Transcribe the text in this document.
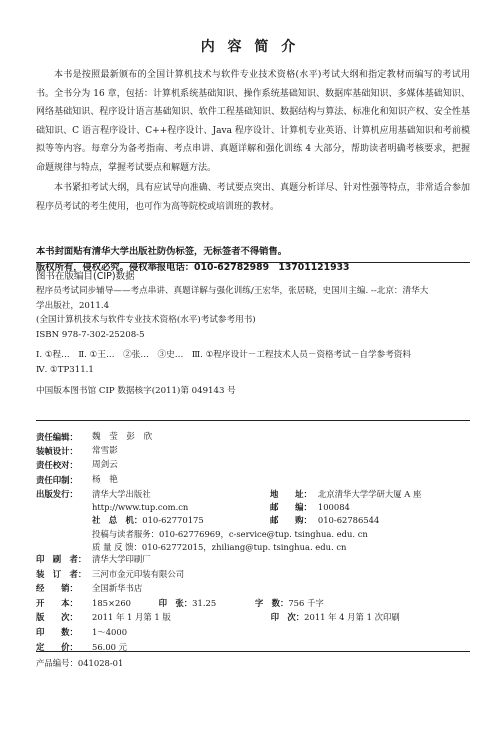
内 容 简 介

本书是按照最新颁布的全国计算机技术与软件专业技术资格(水平)考试大纲和指定教材而编写的考试用书。全书分为 16 章，包括：计算机系统基础知识、操作系统基础知识、数据库基础知识、多媒体基础知识、网络基础知识、程序设计语言基础知识、软件工程基础知识、数据结构与算法、标准化和知识产权、安全性基础知识、C 语言程序设计、C++程序设计、Java 程序设计、计算机专业英语、计算机应用基础知识和考前模拟等等内容。每章分为备考指南、考点串讲、真题详解和强化训练 4 大部分，帮助读者明确考核要求，把握命题规律与特点，掌握考试要点和解题方法。

本书紧扣考试大纲，具有应试导向准确、考试要点突出、真题分析详尽、针对性强等特点，非常适合参加程序员考试的考生使用，也可作为高等院校或培训班的教材。

本书封面贴有清华大学出版社防伪标签，无标签者不得销售。
版权所有，侵权必究。侵权举报电话：010-62782989　13701121933
图书在版编目(CIP)数据
程序员考试同步辅导——考点串讲、真题详解与强化训练/王宏华，张居晓，史国川主编. --北京：清华大
学出版社，2011.4
(全国计算机技术与软件专业技术资格(水平)考试参考用书)
ISBN 978-7-302-25208-5
Ⅰ. ①程…　Ⅱ. ①王…　②张…　③史…　Ⅲ. ①程序设计－工程技术人员－资格考试－自学参考资料
Ⅳ. ①TP311.1
中国版本图书馆 CIP 数据核字(2011)第 049143 号
责任编辑：	魏　莹　彭　欣
装帧设计：	常雪影
责任校对：	周剑云
责任印制：	杨　艳
出版发行：	清华大学出版社	地　　址： 北京清华大学学研大厦 A 座
http://www.tup.com.cn	邮　　编： 100084
社　总　机：010-62770175	邮　　购： 010-62786544
投稿与读者服务：010-62776969，c-service@tup. tsinghua. edu. cn
质 量 反 馈：010-62772015，zhiliang@tup. tsinghua. edu. cn
印　刷　者： 清华大学印刷厂
装　订　者： 三河市金元印装有限公司
经　　销： 全国新华书店
开　　本： 185×260	印　张：31.25	字　数：756 千字
版　　次： 2011 年 1 月第 1 版	印　次：2011 年 4 月第 1 次印刷
印　　数： 1～4000
定　　价： 56.00 元
产品编号：041028-01
